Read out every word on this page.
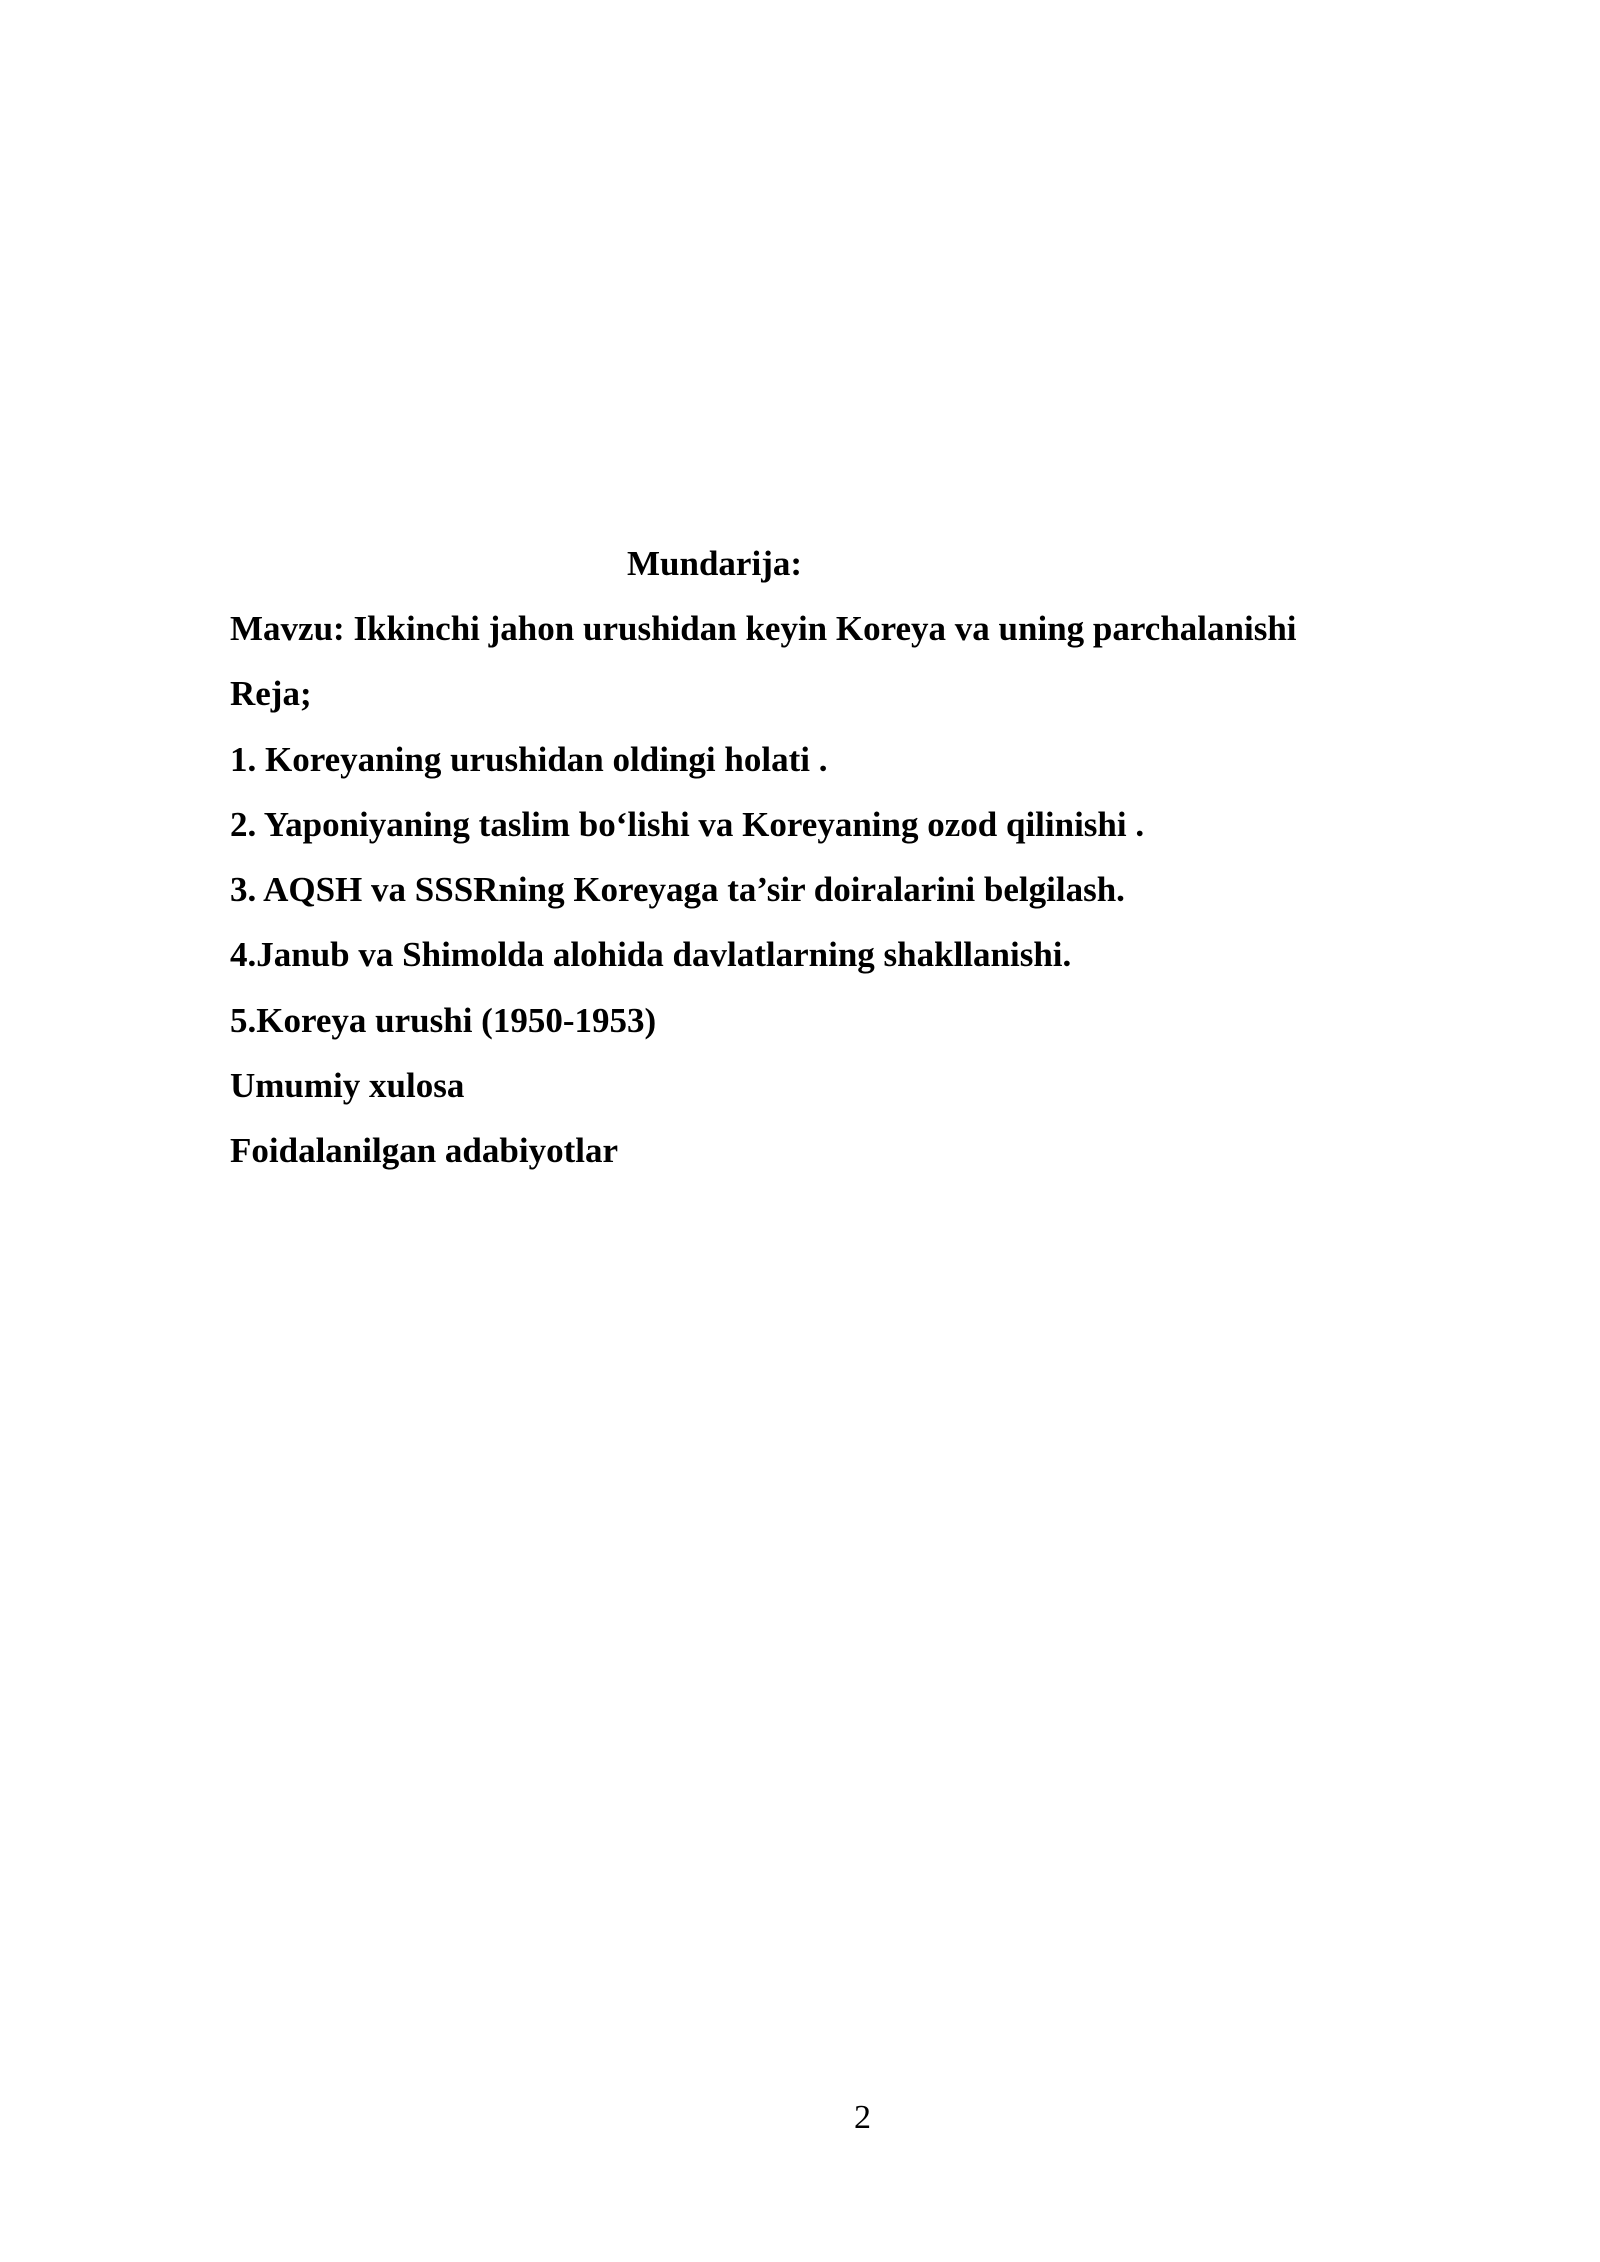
Mundarija:
Mavzu: Ikkinchi jahon urushidan keyin Koreya va uning parchalanishi
Reja;
1. Koreyaning urushidan oldingi holati .
2. Yaponiyaning taslim bo‘lishi va Koreyaning ozod qilinishi .
3. AQSH va SSSRning Koreyaga ta’sir doiralarini belgilash.
4.Janub va Shimolda alohida davlatlarning shakllanishi.
5.Koreya urushi (1950-1953)
Umumiy xulosa
Foidalanilgan adabiyotlar
2
